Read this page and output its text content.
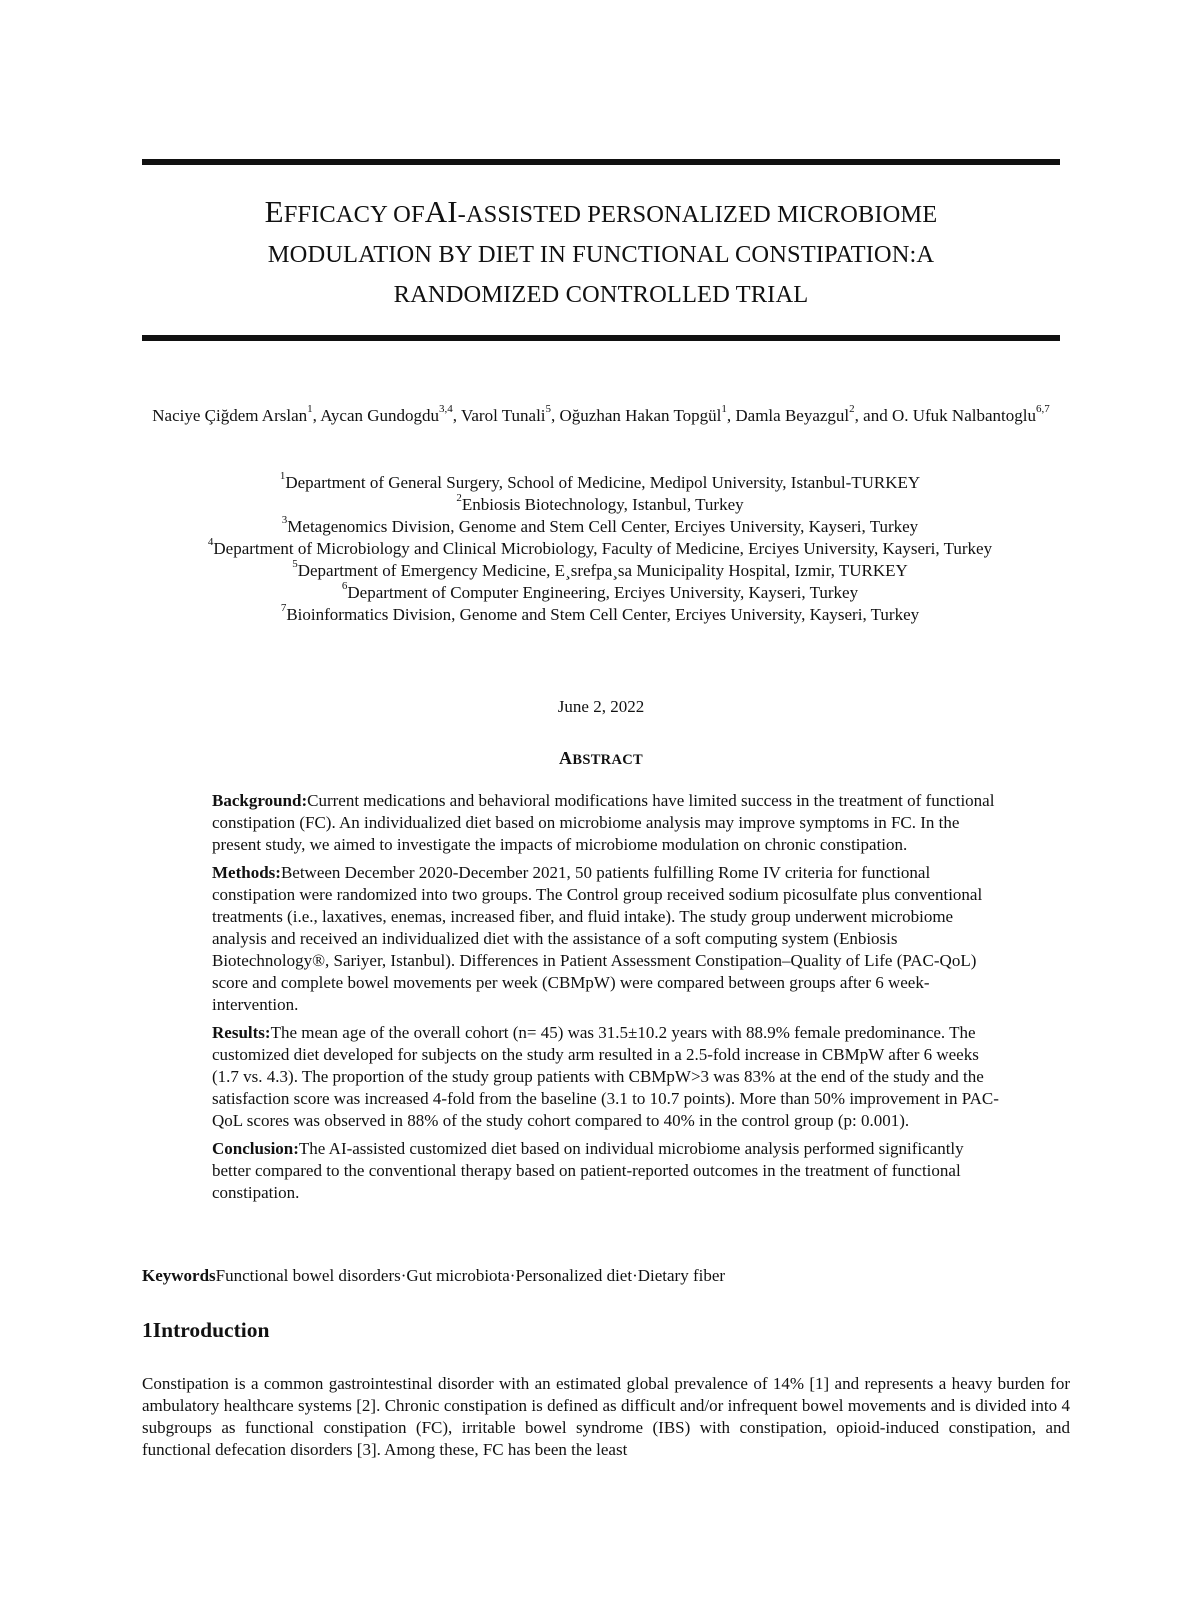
EFFICACY OFAI-ASSISTED PERSONALIZED MICROBIOME
MODULATION BY DIET IN FUNCTIONAL CONSTIPATION:A
RANDOMIZED CONTROLLED TRIAL
Naciye Çiğdem Arslan$^1$, Aycan Gundogdu$^{3,4}$, Varol Tunali$^5$, Oğuzhan Hakan Topgül$^1$, Damla Beyazgul$^2$, and O. Ufuk Nalbantoglu$^{6,7}$
$^1$Department of General Surgery, School of Medicine, Medipol University, Istanbul-TURKEY
$^2$Enbiosis Biotechnology, Istanbul, Turkey
$^3$Metagenomics Division, Genome and Stem Cell Center, Erciyes University, Kayseri, Turkey
$^4$Department of Microbiology and Clinical Microbiology, Faculty of Medicine, Erciyes University, Kayseri, Turkey
$^5$Department of Emergency Medicine, E¸srefpa¸sa Municipality Hospital, Izmir, TURKEY
$^6$Department of Computer Engineering, Erciyes University, Kayseri, Turkey
$^7$Bioinformatics Division, Genome and Stem Cell Center, Erciyes University, Kayseri, Turkey
June 2, 2022
ABSTRACT

Background:Current medications and behavioral modifications have limited success in the treatment of functional constipation (FC). An individualized diet based on microbiome analysis may improve symptoms in FC. In the present study, we aimed to investigate the impacts of microbiome modulation on chronic constipation.

Methods:Between December 2020-December 2021, 50 patients fulfilling Rome IV criteria for functional constipation were randomized into two groups. The Control group received sodium picosulfate plus conventional treatments (i.e., laxatives, enemas, increased fiber, and fluid intake). The study group underwent microbiome analysis and received an individualized diet with the assistance of a soft computing system (Enbiosis Biotechnology®, Sariyer, Istanbul). Differences in Patient Assessment Constipation–Quality of Life (PAC-QoL) score and complete bowel movements per week (CBMpW) were compared between groups after 6 week-intervention.

Results:The mean age of the overall cohort (n= 45) was 31.5±10.2 years with 88.9% female predominance. The customized diet developed for subjects on the study arm resulted in a 2.5-fold increase in CBMpW after 6 weeks (1.7 vs. 4.3). The proportion of the study group patients with CBMpW>3 was 83% at the end of the study and the satisfaction score was increased 4-fold from the baseline (3.1 to 10.7 points). More than 50% improvement in PAC-QoL scores was observed in 88% of the study cohort compared to 40% in the control group (p: 0.001).

Conclusion:The AI-assisted customized diet based on individual microbiome analysis performed significantly better compared to the conventional therapy based on patient-reported outcomes in the treatment of functional constipation.

KeywordsFunctional bowel disorders·Gut microbiota·Personalized diet·Dietary fiber
1Introduction

Constipation is a common gastrointestinal disorder with an estimated global prevalence of 14% [1] and represents a heavy burden for ambulatory healthcare systems [2]. Chronic constipation is defined as difficult and/or infrequent bowel movements and is divided into 4 subgroups as functional constipation (FC), irritable bowel syndrome (IBS) with constipation, opioid-induced constipation, and functional defecation disorders [3]. Among these, FC has been the least
